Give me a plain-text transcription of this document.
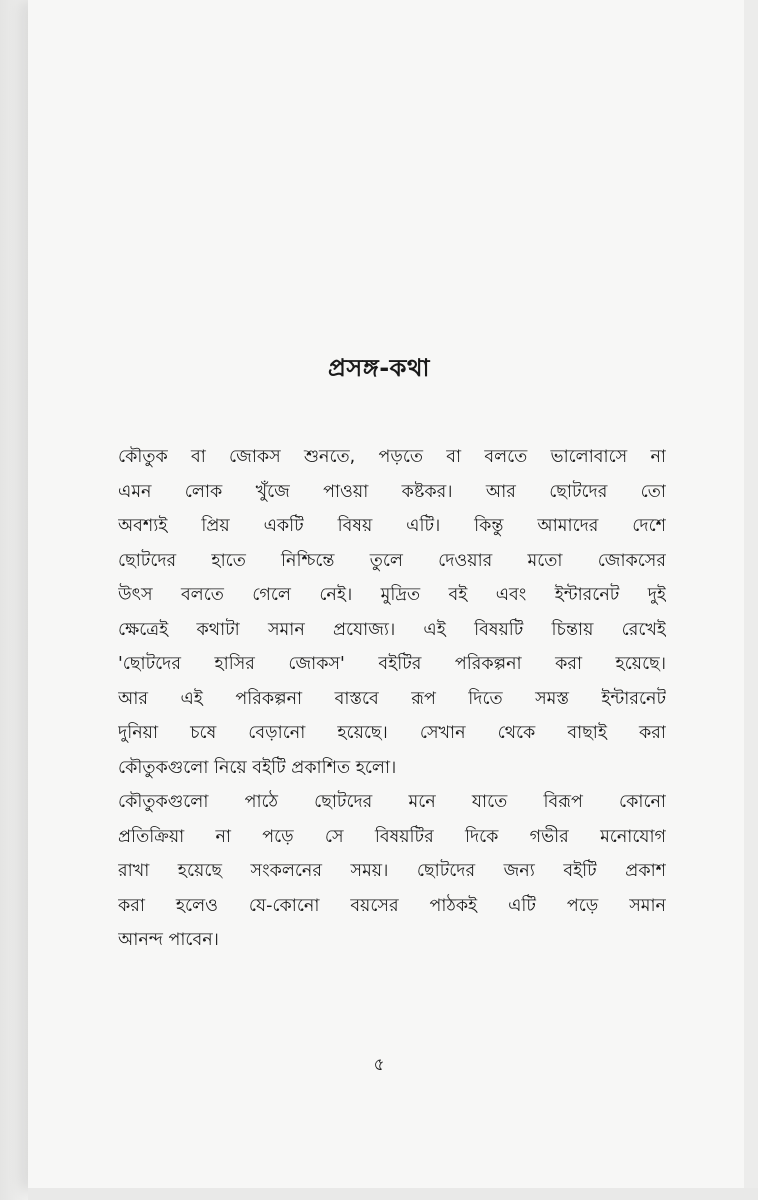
প্রসঙ্গ-কথা
কৌতুক বা জোকস শুনতে, পড়তে বা বলতে ভালোবাসে না
এমন লোক খুঁজে পাওয়া কষ্টকর। আর ছোটদের তো
অবশ্যই প্রিয় একটি বিষয় এটি। কিন্তু আমাদের দেশে
ছোটদের হাতে নিশ্চিন্তে তুলে দেওয়ার মতো জোকসের
উৎস বলতে গেলে নেই। মুদ্রিত বই এবং ইন্টারনেট দুই
ক্ষেত্রেই কথাটা সমান প্রযোজ্য। এই বিষয়টি চিন্তায় রেখেই
'ছোটদের হাসির জোকস' বইটির পরিকল্পনা করা হয়েছে।
আর এই পরিকল্পনা বাস্তবে রূপ দিতে সমস্ত ইন্টারনেট
দুনিয়া চষে বেড়ানো হয়েছে। সেখান থেকে বাছাই করা
কৌতুকগুলো নিয়ে বইটি প্রকাশিত হলো।
কৌতুকগুলো পাঠে ছোটদের মনে যাতে বিরূপ কোনো
প্রতিক্রিয়া না পড়ে সে বিষয়টির দিকে গভীর মনোযোগ
রাখা হয়েছে সংকলনের সময়। ছোটদের জন্য বইটি প্রকাশ
করা হলেও যে-কোনো বয়সের পাঠকই এটি পড়ে সমান
আনন্দ পাবেন।
৫
